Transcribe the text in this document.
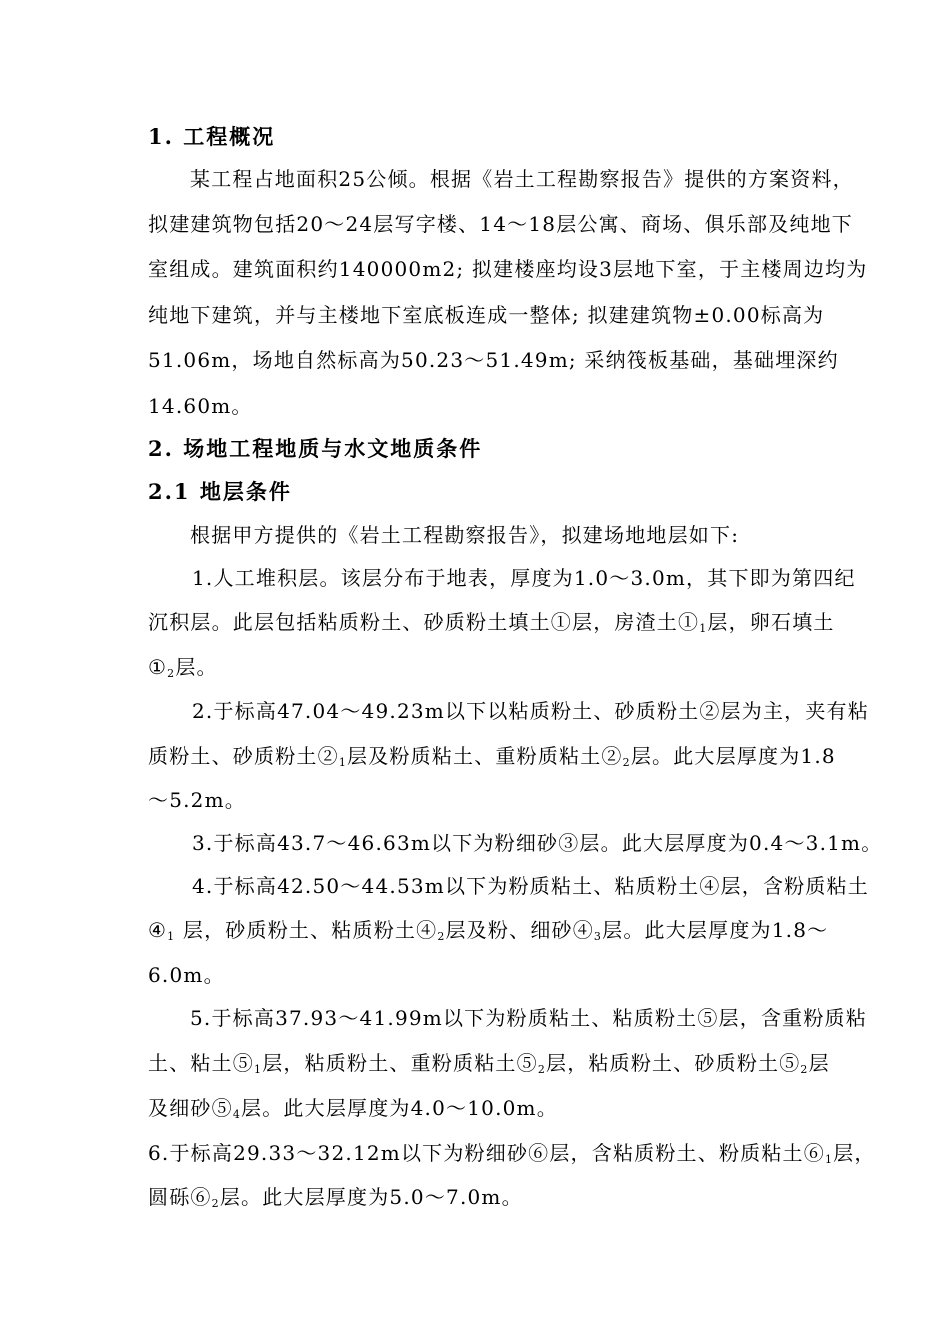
1. 工程概况
某工程占地面积25公倾。根据《岩土工程勘察报告》提供的方案资料，
拟建建筑物包括20～24层写字楼、14～18层公寓、商场、俱乐部及纯地下
室组成。建筑面积约140000m2; 拟建楼座均设3层地下室，于主楼周边均为
纯地下建筑，并与主楼地下室底板连成一整体; 拟建建筑物±0.00标高为
51.06m，场地自然标高为50.23～51.49m; 采纳筏板基础，基础埋深约
14.60m。
2. 场地工程地质与水文地质条件
2.1 地层条件
根据甲方提供的《岩土工程勘察报告》，拟建场地地层如下:
1.人工堆积层。该层分布于地表，厚度为1.0～3.0m，其下即为第四纪
沉积层。此层包括粘质粉土、砂质粉土填土①层，房渣土$①_1$层，卵石填土
$①_2$层。
2.于标高47.04～49.23m以下以粘质粉土、砂质粉土②层为主，夹有粘
质粉土、砂质粉土$②_1$层及粉质粘土、重粉质粘土$②_2$层。此大层厚度为1.8
～5.2m。
3.于标高43.7～46.63m以下为粉细砂③层。此大层厚度为0.4～3.1m。
4.于标高42.50～44.53m以下为粉质粘土、粘质粉土④层，含粉质粘土
$④_1$ 层，砂质粉土、粘质粉土$④_2$层及粉、细砂$④_3$层。此大层厚度为1.8～
6.0m。
5.于标高37.93～41.99m以下为粉质粘土、粘质粉土⑤层，含重粉质粘
土、粘土$⑤_1$层，粘质粉土、重粉质粘土$⑤_2$层，粘质粉土、砂质粉土$⑤_2$层
及细砂$⑤_4$层。此大层厚度为4.0～10.0m。
6.于标高29.33～32.12m以下为粉细砂⑥层，含粘质粉土、粉质粘土$⑥_1$层，
圆砾$⑥_2$层。此大层厚度为5.0～7.0m。
